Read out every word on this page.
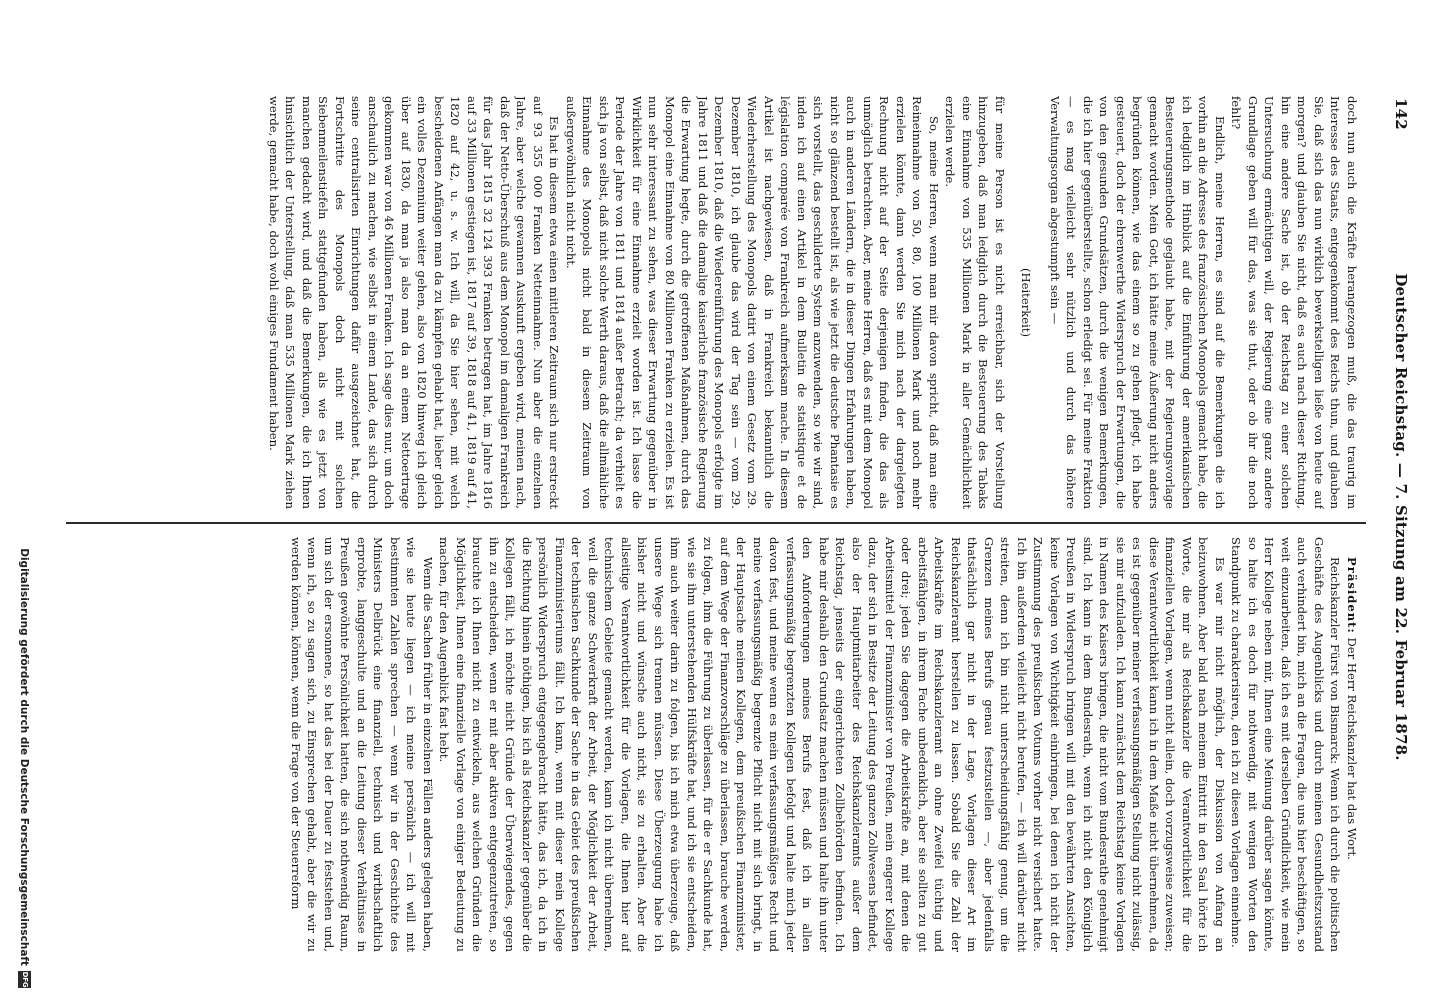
142
Deutscher Reichstag. — 7. Sitzung am 22. Februar 1878.

doch nun auch die Kräfte herangezogen muß, die das traurig im Interesse des Staats, entgegenkommt des Reichs thun, und glauben Sie, daß sich das nun wirklich bewerkstelligen ließe von heute auf morgen? und glauben Sie nicht, daß es auch nach dieser Richtung, hin eine andere Sache ist, ob der Reichstag zu einer solchen Untersuchung ermächtigen will, der Regierung eine ganz andere Grundlage geben will für das, was sie thut, oder ob ihr die noch fehlt?

Endlich, meine Herren, es sind auf die Bemerkungen die ich vorhin an die Adresse des französischen Monopols gemacht habe, die ich lediglich im Hinblick auf die Einführung der amerikanischen Besteuerungsmethode geglaubt habe, mit der Regierungsvorlage gemacht worden. Mein Gott, ich hätte meine Äußerung nicht anders begründen können, wie das einem so zu gehen pflegt, ich habe gesteuert, doch der ehrenwerthe Widerspruch der Erwartungen, die von den gesunden Grundsätzen, durch die wenigen Bemerkungen, die ich hier gegenüberstellte, schon erledigt sei. Für meine Fraktion — es mag vielleicht sehr nützlich und durch das höhere Verwaltungsorgan abgestumpft sein —

(Heiterkeit)

für meine Person ist es nicht erreichbar, sich der Vorstellung hinzugeben, daß man lediglich durch die Besteuerung des Tabaks eine Einnahme von 535 Millionen Mark in aller Gemächlichkeit erzielen werde.

So, meine Herren, wenn man mir davon spricht, daß man eine Reineinnahme von 50, 80, 100 Millionen Mark und noch mehr erzielen könnte, dann werden Sie mich nach der dargelegten Rechnung nicht auf der Seite derjenigen finden, die das als unmöglich betrachten. Aber, meine Herren, daß es mit dem Monopol auch in anderen Ländern, die in dieser Dingen Erfahrungen haben, nicht so glänzend bestellt ist, als wie jetzt die deutsche Phantasie es sich vorstellt, das geschilderte System anzuwenden, so wie wir sind, inden ich auf einen Artikel in dem Bulletin de statistique et de législation comparée von Frankreich aufmerksam mache. In diesem Artikel ist nachgewiesen, daß in Frankreich bekanntlich die Wiederherstellung des Monopols datirt von einem Gesetz vom 29. Dezember 1810, ich glaube das wird der Tag sein — vom 29. Dezember 1810, daß die Wiedereinführung des Monopols erfolgte im Jahre 1811 und daß die damalige kaiserliche französische Regierung die Erwartung hegte, durch die getroffenen Maßnahmen, durch das Monopol eine Einnahme von 80 Millionen Franken zu erzielen. Es ist nun sehr interessant zu sehen, was dieser Erwartung gegenüber in Wirklichkeit für eine Einnahme erzielt worden ist. Ich lasse die Periode der Jahre von 1811 und 1814 außer Betracht; da verhielt es sich ja von selbst, daß nicht solche Werth daraus, daß die allmähliche Einnahme des Monopols nicht bald in diesem Zeitraum von außergewöhnlich nicht nicht.

Es hat in diesem etwa einen mittleren Zeitraum sich nur erstreckt auf 93 355 000 Franken Netteinnahme. Nun aber die einzelnen Jahre, aber welche gewannen Auskunft ergeben wird, meinen nach, daß der Netto-Überschuß aus dem Monopol im damaligen Frankreich für das Jahr 1815 32 124 393 Franken betragen hat, im Jahre 1816 auf 33 Millionen gestiegen ist, 1817 auf 39, 1818 auf 41, 1819 auf 41, 1820 auf 42, u. s. w. Ich will, da Sie hier sehen, mit welch bescheidenen Anfängen man da zu kämpfen gehabt hat, lieber gleich ein volles Dezennium weiter gehen, also von 1820 hinweg ich gleich über auf 1830, da man ja also man da an einem Nettoertrage gekommen war von 46 Millionen Franken. Ich sage dies nur, um doch anschaulich zu machen, wie selbst in einem Lande, das sich durch seine centralisirten Einrichtungen dafür ausgezeichnet hat, die Fortschritte des Monopols doch nicht mit solchen Siebenmeilenstiefeln stattgefunden haben, als wie es jetzt von manchen gedacht wird, und daß die Bemerkungen, die ich Ihnen hinsichtlich der Unterstellung, daß man 535 Millionen Mark ziehen werde, gemacht habe, doch wohl einiges Fundament haben.

Präsident: Der Herr Reichskanzler hat das Wort.

Reichskanzler Fürst von Bismarck: Wenn ich durch die politischen Geschäfte des Augenblicks und durch meinen Gesundheitszustand auch verhindert bin, mich an die Fragen, die uns hier beschäftigen, so weit einzuarbeiten, daß ich es mit derselben Gründlichkeit, wie mein Herr Kollege neben mir, Ihnen eine Meinung darüber sagen könnte, so halte ich es doch für nothwendig, mit wenigen Worten den Standpunkt zu charakterisiren, den ich zu diesen Vorlagen einnehme.

Es war mir nicht möglich, der Diskussion von Anfang an beizuwohnen. Aber bald nach meinem Eintritt in den Saal hörte ich Worte, die mir als Reichskanzler die Verantwortlichkeit für die finanziellen Vorlagen, wenn nicht allein, doch vorzugsweise zuweisen; diese Verantwortlichkeit kann ich in dem Maße nicht übernehmen, da es ist gegenüber meiner verfassungsmäßigen Stellung nicht zulässig, sie mir aufzuladen. Ich kann zunächst dem Reichstag keine Vorlagen in Namen des Kaisers bringen, die nicht vom Bundesrathe genehmigt sind. Ich kann in dem Bundesrath, wenn ich nicht den Königlich Preußen in Widerspruch bringen will mit den bewährten Ansichten, keine Vorlagen von Wichtigkeit einbringen, bei denen ich nicht der Zustimmung des preußischen Votums vorher nicht versichert hatte. Ich bin außerdem vielleicht nicht berufen, — ich will darüber nicht streiten, denn ich bin nicht unterscheidungsfähig genug, um die Grenzen meines Berufs genau festzustellen —, aber jedenfalls thatsächlich gar nicht in der Lage, Vorlagen dieser Art im Reichskanzleramt herstellen zu lassen. Sobald Sie die Zahl der Arbeitskräfte im Reichskanzleramt an ohne Zweifel tüchtig und arbeitsfähigen, in ihrem Fache unbedenklich, aber sie sollten zu gut oder drei; jeden Sie dagegen die Arbeitskräfte an, mit denen die Arbeitsmittel der Finanzminister von Preußen, mein engerer Kollege dazu, der sich in Besitze der Leitung des ganzen Zollwesens befindet, also der Hauptmitarbeiter des Reichskanzleramts außer dem Reichstag, jenseits der eingerichteten Zollbehörden befinden. Ich habe mir deshalb den Grundsatz machen müssen und halte ihn unter den Anforderungen meines Berufs fest, daß ich in allen verfassungsmäßig begrenzten Kollegen befolgt und halte mich jeder davon fest, und meine wenn es mein verfassungsmäßiges Recht und meine verfassungsmäßig begrenzte Pflicht nicht mit sich bringt, in der Hauptsache meinen Kollegen, dem preußischen Finanzminister, auf dem Wege der Finanzvorschläge zu überlassen, brauche werden, zu folgen, ihm die Führung zu überlassen, für die er Sachkunde hat, wie sie ihm unterstehenden Hülfskräfte hat, und ich sie entscheiden, ihm auch weiter darin zu folgen, bis ich mich etwa überzeuge, daß unsere Wege sich trennen müssen. Diese Überzeugung habe ich bisher nicht und wünsche auch nicht, sie zu erhalten. Aber die allseitige Verantwortlichkeit für die Vorlagen, die Ihnen hier auf technischem Gebiete gemacht werden, kann ich nicht übernehmen, weil die ganze Schwerkraft der Arbeit, der Möglichkeit der Arbeit, der technischen Sachkunde der Sache in das Gebiet des preußischen Finanzministeriums fällt. Ich kann, wenn mit dieser mein Kollege persönlich Widerspruch entgegengebracht hätte, das ich, da ich in die Richtung hinein nöthigen, bis ich als Reichskanzler gegenüber die Kollegen fällt, ich möchte nicht Gründe der Überwiegendes, gegen ihn zu entscheiden, wenn er mit aber aktiven entgegenzutreten, so brauchte ich Ihnen nicht zu entwickeln, aus welchen Gründen die Möglichkeit, Ihnen eine finanzielle Vorlage von einiger Bedeutung zu machen, für den Augenblick fast hebt.

Wenn die Sachen früher in einzelnen Fällen anders gelegen haben, wie sie heute liegen — ich meine persönlich — ich will mit bestimmten Zahlen sprechen — wenn wir in der Geschichte des Ministers Delbrück eine finanziell, technisch und wirthschaftlich erprobte, langgeschulte und an die Leitung dieser Verhältnisse in Preußen gewöhnte Persönlichkeit hatten, die sich nothwendig Raum, um sich der ersonnene, so hat das bei der Dauer zu feststehen und, wenn ich, so zu sagen sich, zu Einsprechen gehabt, aber die wir zu werden können, können, wenn die Frage von der Steuerreform

Digitalisierung gefördert durch die Deutsche Forschungsgemeinschaft
DFG
